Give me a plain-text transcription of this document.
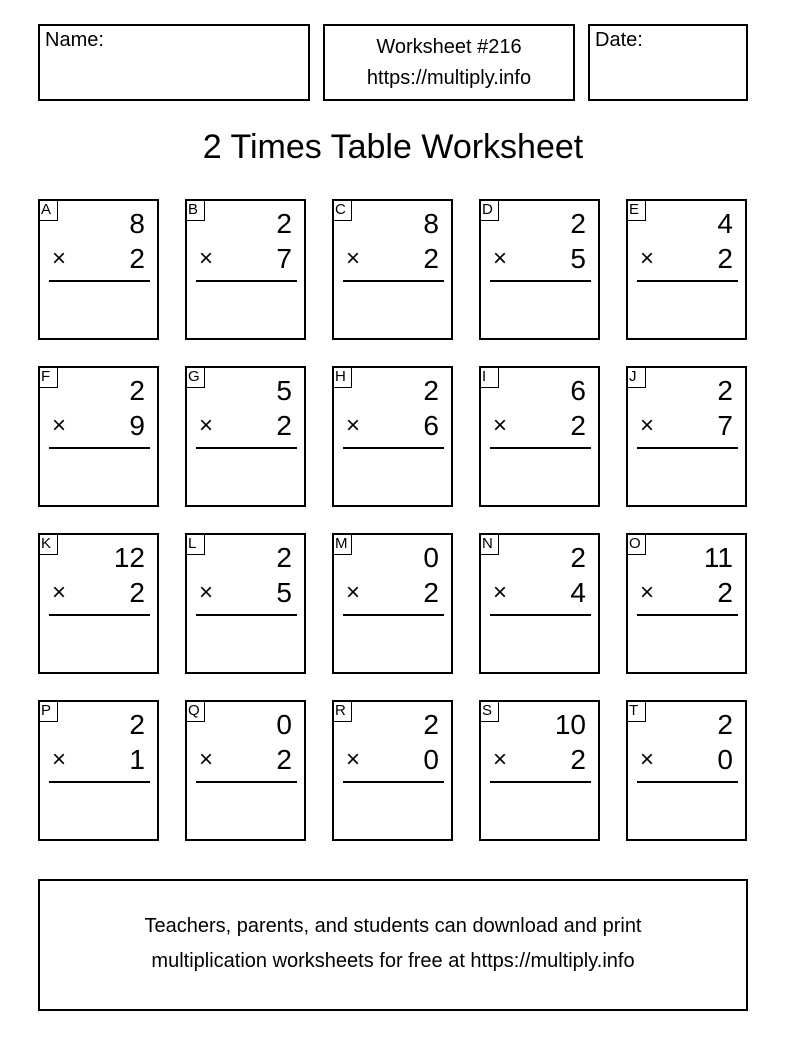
Name:	Worksheet #216
https://multiply.info
Date:
2 Times Table Worksheet
A	8
× 2
B	2
× 7
C	8
× 2
D	2
× 5
E	4
× 2
F	2
× 9
G	5
× 2
H	2
× 6
I	6
× 2
J	2
× 7
K 12
× 2
L	2
× 5
M	0
× 2
N	2
× 4
O 11
× 2
P	2
× 1
Q	0
× 2
R	2
× 0
S 10
× 2
T	2
× 0
Teachers, parents, and students can download and print
multiplication worksheets for free at https://multiply.info
